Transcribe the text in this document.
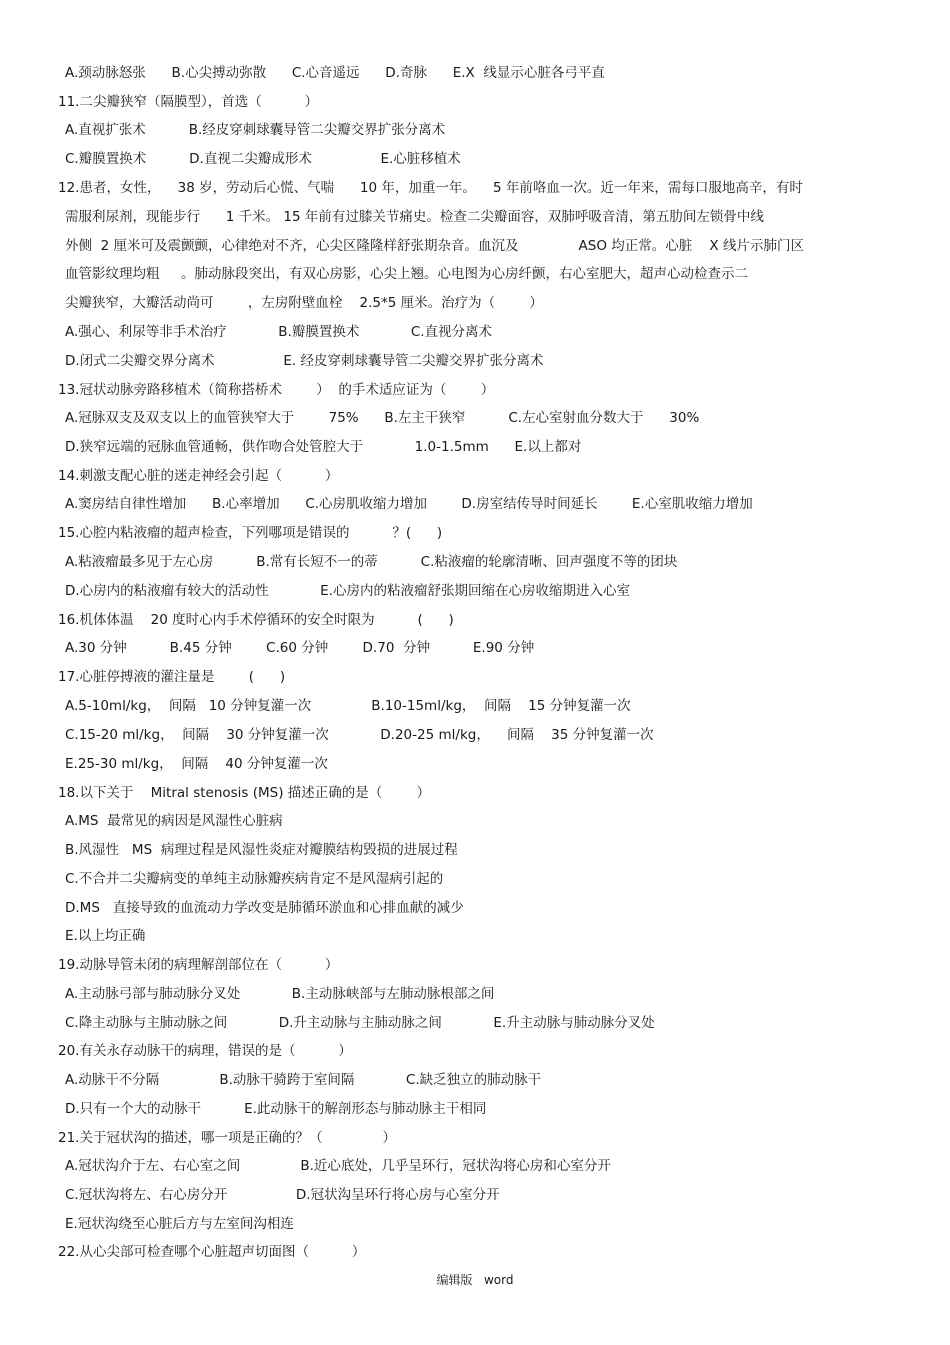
A.颈动脉怒张      B.心尖搏动弥散      C.心音遥远      D.奇脉      E.X  线显示心脏各弓平直
11.二尖瓣狭窄（隔膜型），首选（          ）
A.直视扩张术          B.经皮穿刺球囊导管二尖瓣交界扩张分离术
C.瓣膜置换术          D.直视二尖瓣成形术                E.心脏移植术
12.患者，女性，    38 岁，劳动后心慌、气喘      10 年，加重一年。    5 年前咯血一次。近一年来，需每口服地高辛，有时
需服利尿剂，现能步行      1 千米。 15 年前有过膝关节痛史。检查二尖瓣面容，双肺呼吸音清，第五肋间左锁骨中线
外侧  2 厘米可及震颤颤，心律绝对不齐，心尖区隆隆样舒张期杂音。血沉及              ASO 均正常。心脏    X 线片示肺门区
血管影纹理均粗     。肺动脉段突出，有双心房影，心尖上翘。心电图为心房纤颤，右心室肥大，超声心动检查示二
尖瓣狭窄，大瓣活动尚可        ，左房附壁血栓    2.5*5 厘米。治疗为（        ）
A.强心、利尿等非手术治疗            B.瓣膜置换术            C.直视分离术
D.闭式二尖瓣交界分离术                E. 经皮穿刺球囊导管二尖瓣交界扩张分离术
13.冠状动脉旁路移植术（简称搭桥术        ）  的手术适应证为（        ）
A.冠脉双支及双支以上的血管狭窄大于        75%      B.左主干狭窄          C.左心室射血分数大于      30%
D.狭窄远端的冠脉血管通畅，供作吻合处管腔大于            1.0-1.5mm      E.以上都对
14.刺激支配心脏的迷走神经会引起（          ）
A.窦房结自律性增加      B.心率增加      C.心房肌收缩力增加        D.房室结传导时间延长        E.心室肌收缩力增加
15.心腔内粘液瘤的超声检查，下列哪项是错误的          ？(      )
A.粘液瘤最多见于左心房          B.常有长短不一的蒂          C.粘液瘤的轮廓清晰、回声强度不等的团块
D.心房内的粘液瘤有较大的活动性            E.心房内的粘液瘤舒张期回缩在心房收缩期进入心室
16.机体体温    20 度时心内手术停循环的安全时限为          (      )
A.30 分钟          B.45 分钟        C.60 分钟        D.70  分钟          E.90 分钟
17.心脏停搏液的灌注量是        (      )
A.5-10ml/kg，  间隔   10 分钟复灌一次              B.10-15ml/kg，  间隔    15 分钟复灌一次
C.15-20 ml/kg，  间隔    30 分钟复灌一次            D.20-25 ml/kg，    间隔    35 分钟复灌一次
E.25-30 ml/kg，  间隔    40 分钟复灌一次
18.以下关于    Mitral stenosis (MS) 描述正确的是（        ）
A.MS  最常见的病因是风湿性心脏病
B.风湿性   MS  病理过程是风湿性炎症对瓣膜结构毁损的进展过程
C.不合并二尖瓣病变的单纯主动脉瓣疾病肯定不是风湿病引起的
D.MS   直接导致的血流动力学改变是肺循环淤血和心排血献的减少
E.以上均正确
19.动脉导管未闭的病理解剖部位在（          ）
A.主动脉弓部与肺动脉分叉处            B.主动脉峡部与左肺动脉根部之间
C.降主动脉与主肺动脉之间            D.升主动脉与主肺动脉之间            E.升主动脉与肺动脉分叉处
20.有关永存动脉干的病理，错误的是（          ）
A.动脉干不分隔              B.动脉干骑跨于室间隔            C.缺乏独立的肺动脉干
D.只有一个大的动脉干          E.此动脉干的解剖形态与肺动脉主干相同
21.关于冠状沟的描述，哪一项是正确的？（              ）
A.冠状沟介于左、右心室之间              B.近心底处，几乎呈环行，冠状沟将心房和心室分开
C.冠状沟将左、右心房分开                D.冠状沟呈环行将心房与心室分开
E.冠状沟绕至心脏后方与左室间沟相连
22.从心尖部可检查哪个心脏超声切面图（          ）
编辑版   word
